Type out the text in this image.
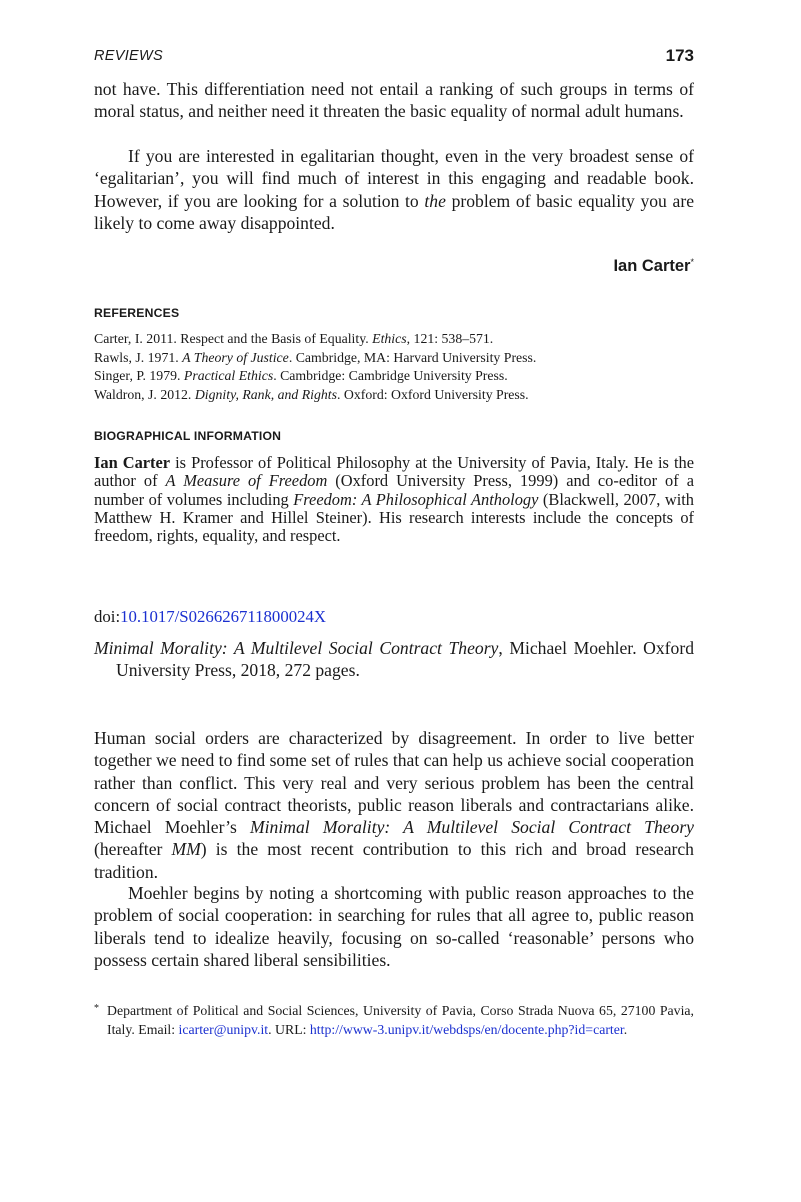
REVIEWS	173

not have. This differentiation need not entail a ranking of such groups in terms of moral status, and neither need it threaten the basic equality of normal adult humans.

If you are interested in egalitarian thought, even in the very broadest sense of ‘egalitarian’, you will find much of interest in this engaging and readable book. However, if you are looking for a solution to the problem of basic equality you are likely to come away disappointed.

Ian Carter*
REFERENCES
Carter, I. 2011. Respect and the Basis of Equality. Ethics, 121: 538–571.
Rawls, J. 1971. A Theory of Justice. Cambridge, MA: Harvard University Press.
Singer, P. 1979. Practical Ethics. Cambridge: Cambridge University Press.
Waldron, J. 2012. Dignity, Rank, and Rights. Oxford: Oxford University Press.
BIOGRAPHICAL INFORMATION

Ian Carter is Professor of Political Philosophy at the University of Pavia, Italy. He is the author of A Measure of Freedom (Oxford University Press, 1999) and co-editor of a number of volumes including Freedom: A Philosophical Anthology (Blackwell, 2007, with Matthew H. Kramer and Hillel Steiner). His research interests include the concepts of freedom, rights, equality, and respect.

doi:10.1017/S026626711800024X

Minimal Morality: A Multilevel Social Contract Theory, Michael Moehler. Oxford University Press, 2018, 272 pages.

Human social orders are characterized by disagreement. In order to live better together we need to find some set of rules that can help us achieve social cooperation rather than conflict. This very real and very serious problem has been the central concern of social contract theorists, public reason liberals and contractarians alike. Michael Moehler’s Minimal Morality: A Multilevel Social Contract Theory (hereafter MM) is the most recent contribution to this rich and broad research tradition.

Moehler begins by noting a shortcoming with public reason approaches to the problem of social cooperation: in searching for rules that all agree to, public reason liberals tend to idealize heavily, focusing on so-called ‘reasonable’ persons who possess certain shared liberal sensibilities.

* Department of Political and Social Sciences, University of Pavia, Corso Strada Nuova 65, 27100 Pavia, Italy. Email: icarter@unipv.it. URL: http://www-3.unipv.it/webdsps/en/docente.php?id=carter.
